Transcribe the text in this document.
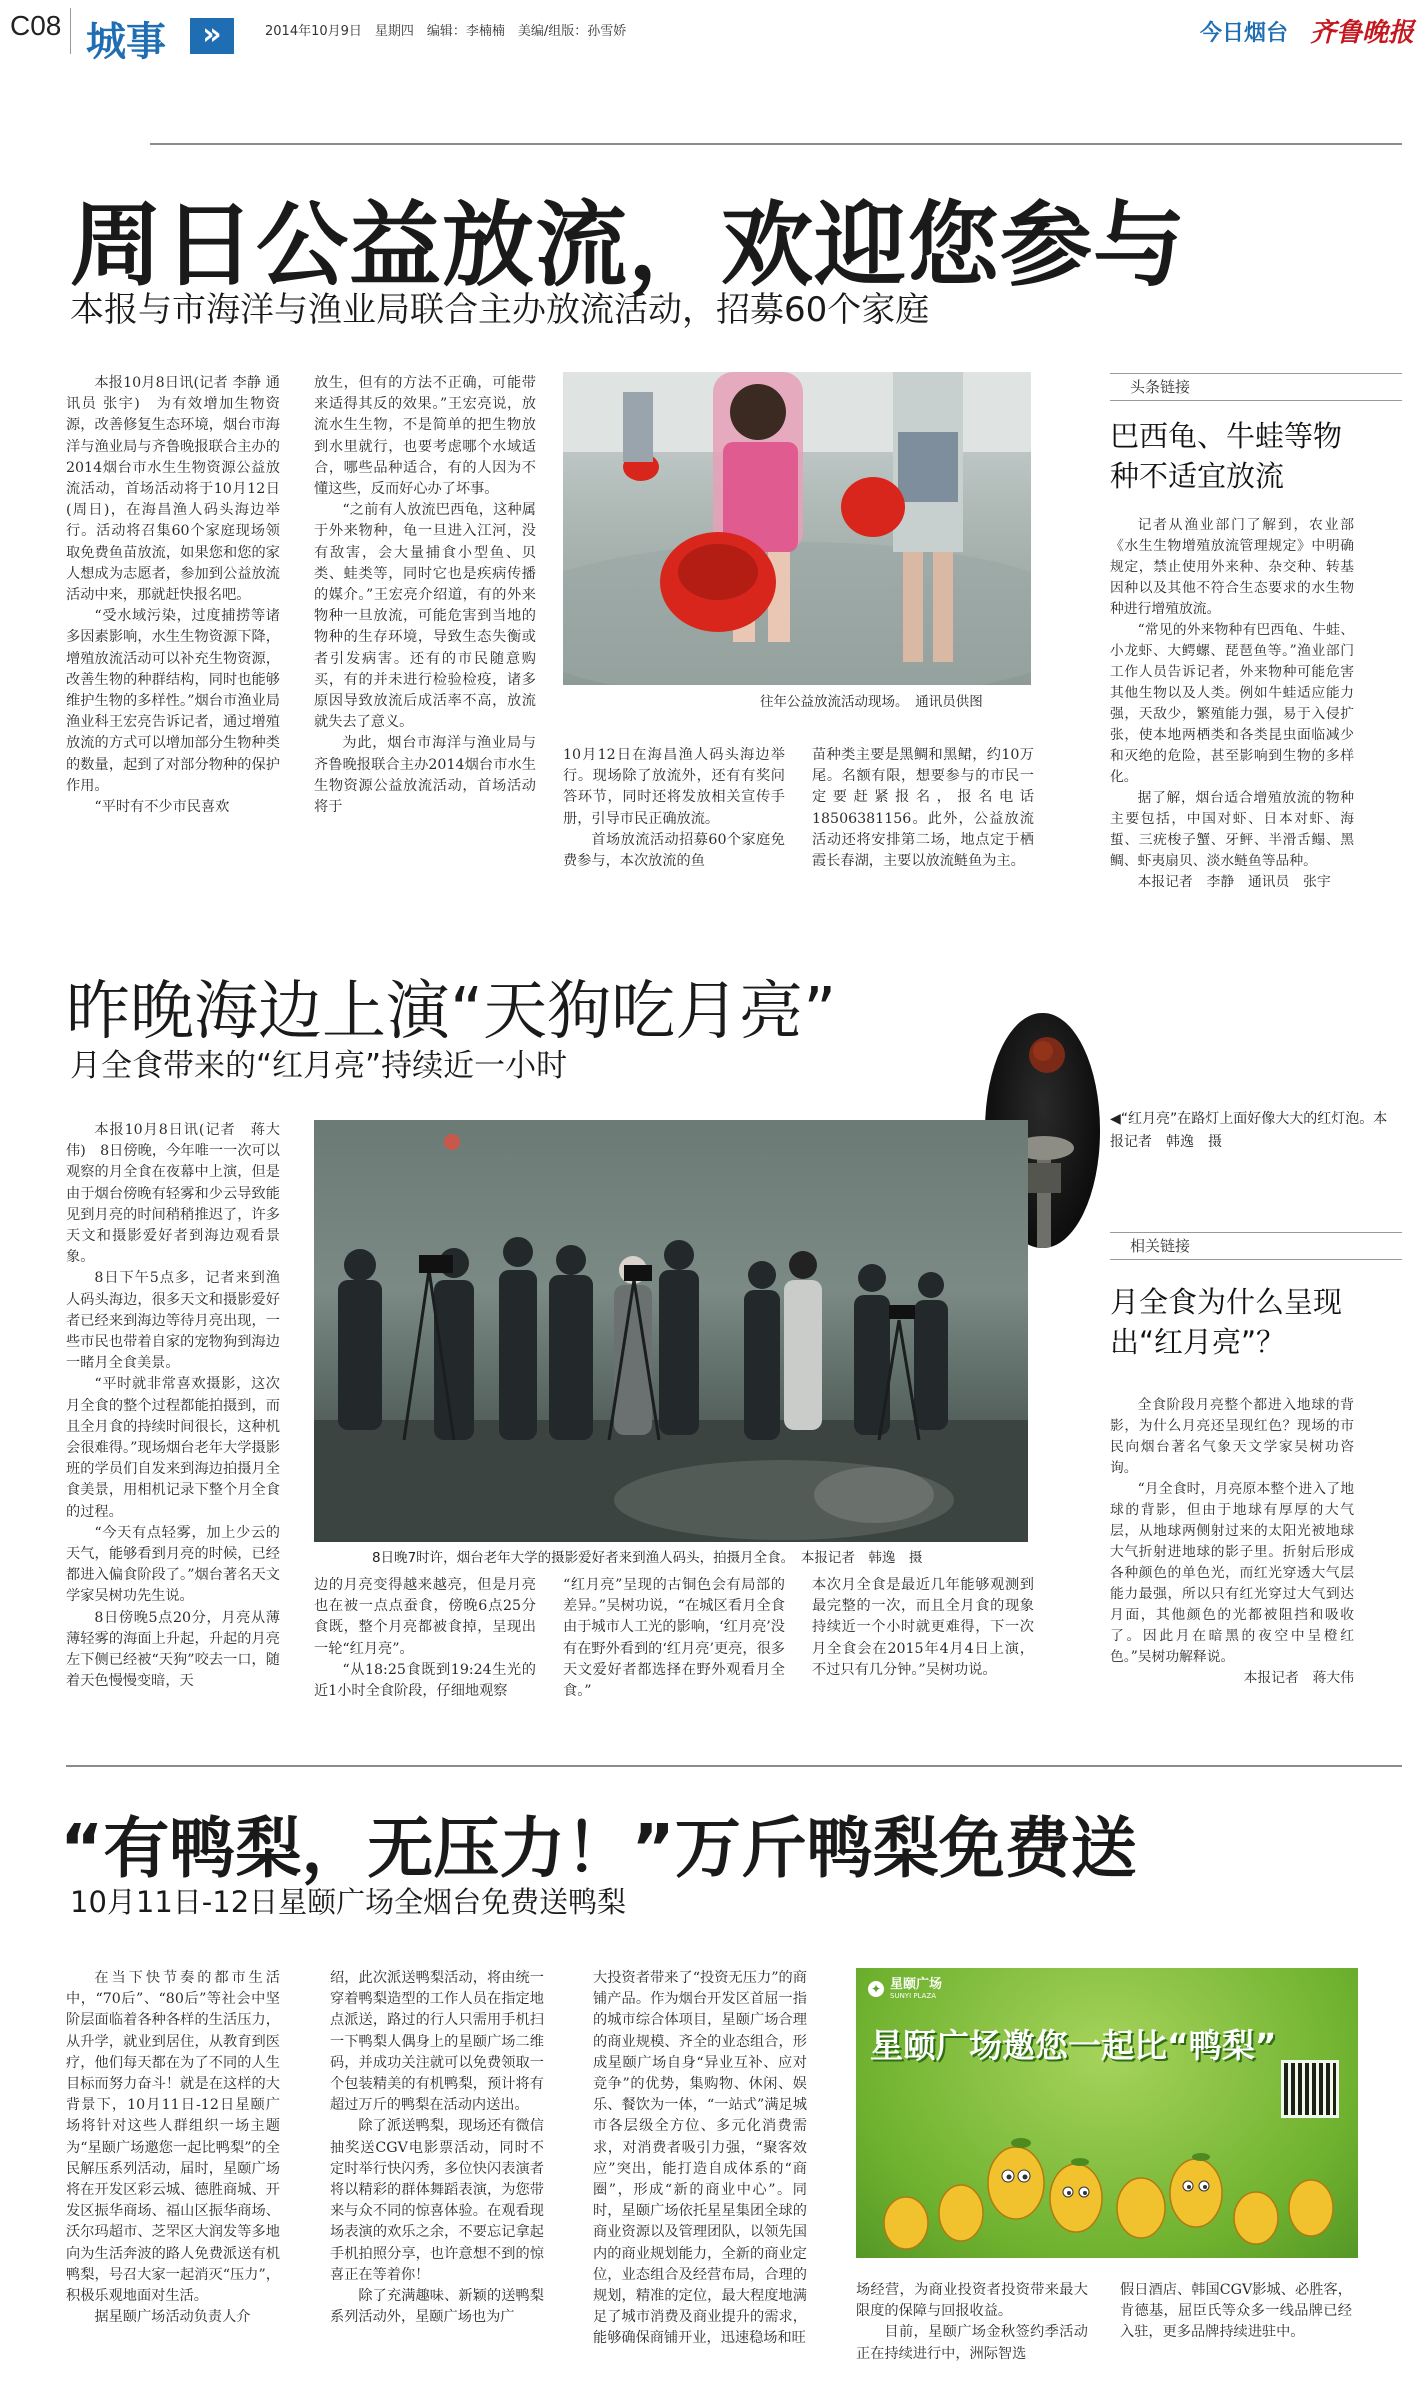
C08 城事	»	2014年10月9日　星期四　编辑：李楠楠　美编/组版：孙雪娇	今日烟台 齐鲁晚报
周日公益放流，欢迎您参与
本报与市海洋与渔业局联合主办放流活动，招募60个家庭

本报10月8日讯(记者 李静 通讯员 张宇)　为有效增加生物资源，改善修复生态环境，烟台市海洋与渔业局与齐鲁晚报联合主办的2014烟台市水生生物资源公益放流活动，首场活动将于10月12日(周日)，在海昌渔人码头海边举行。活动将召集60个家庭现场领取免费鱼苗放流，如果您和您的家人想成为志愿者，参加到公益放流活动中来，那就赶快报名吧。

“受水域污染，过度捕捞等诸多因素影响，水生生物资源下降，增殖放流活动可以补充生物资源，改善生物的种群结构，同时也能够维护生物的多样性。”烟台市渔业局渔业科王宏亮告诉记者，通过增殖放流的方式可以增加部分生物种类的数量，起到了对部分物种的保护作用。

“平时有不少市民喜欢

放生，但有的方法不正确，可能带来适得其反的效果。”王宏亮说，放流水生生物，不是简单的把生物放到水里就行，也要考虑哪个水域适合，哪些品种适合，有的人因为不懂这些，反而好心办了坏事。

“之前有人放流巴西龟，这种属于外来物种，龟一旦进入江河，没有敌害，会大量捕食小型鱼、贝类、蛙类等，同时它也是疾病传播的媒介。”王宏亮介绍道，有的外来物种一旦放流，可能危害到当地的物种的生存环境，导致生态失衡或者引发病害。还有的市民随意购买，有的并未进行检验检疫，诸多原因导致放流后成活率不高，放流就失去了意义。

为此，烟台市海洋与渔业局与齐鲁晚报联合主办2014烟台市水生生物资源公益放流活动，首场活动将于

往年公益放流活动现场。　通讯员供图

10月12日在海昌渔人码头海边举行。现场除了放流外，还有有奖问答环节，同时还将发放相关宣传手册，引导市民正确放流。

首场放流活动招募60个家庭免费参与，本次放流的鱼

苗种类主要是黑鲷和黑鲪，约10万尾。名额有限，想要参与的市民一定要赶紧报名，报名电话18506381156。此外，公益放流活动还将安排第二场，地点定于栖霞长春湖，主要以放流鲢鱼为主。

头条链接
巴西龟、牛蛙等物种不适宜放流

记者从渔业部门了解到，农业部《水生生物增殖放流管理规定》中明确规定，禁止使用外来种、杂交种、转基因种以及其他不符合生态要求的水生物种进行增殖放流。

“常见的外来物种有巴西龟、牛蛙、小龙虾、大鳄螺、琵琶鱼等。”渔业部门工作人员告诉记者，外来物种可能危害其他生物以及人类。例如牛蛙适应能力强，天敌少，繁殖能力强，易于入侵扩张，使本地两栖类和各类昆虫面临减少和灭绝的危险，甚至影响到生物的多样化。

据了解，烟台适合增殖放流的物种主要包括，中国对虾、日本对虾、海蜇、三疣梭子蟹、牙鲆、半滑舌鳎、黑鲷、虾夷扇贝、淡水鲢鱼等品种。

本报记者　李静　通讯员　张宇

昨晚海边上演“天狗吃月亮”
月全食带来的“红月亮”持续近一小时
◀“红月亮”在路灯上面好像大大的红灯泡。本报记者　韩逸　摄

本报10月8日讯(记者　蒋大伟)　8日傍晚，今年唯一一次可以观察的月全食在夜幕中上演，但是由于烟台傍晚有轻雾和少云导致能见到月亮的时间稍稍推迟了，许多天文和摄影爱好者到海边观看景象。

8日下午5点多，记者来到渔人码头海边，很多天文和摄影爱好者已经来到海边等待月亮出现，一些市民也带着自家的宠物狗到海边一睹月全食美景。

“平时就非常喜欢摄影，这次月全食的整个过程都能拍摄到，而且全月食的持续时间很长，这种机会很难得。”现场烟台老年大学摄影班的学员们自发来到海边拍摄月全食美景，用相机记录下整个月全食的过程。

“今天有点轻雾，加上少云的天气，能够看到月亮的时候，已经都进入偏食阶段了。”烟台著名天文学家吴树功先生说。

8日傍晚5点20分，月亮从薄薄轻雾的海面上升起，升起的月亮左下侧已经被“天狗”咬去一口，随着天色慢慢变暗，天

8日晚7时许，烟台老年大学的摄影爱好者来到渔人码头，拍摄月全食。　本报记者　韩逸　摄

边的月亮变得越来越亮，但是月亮也在被一点点蚕食，傍晚6点25分食既，整个月亮都被食掉，呈现出一轮“红月亮”。

“从18:25食既到19:24生光的近1小时全食阶段，仔细地观察

“红月亮”呈现的古铜色会有局部的差异。”吴树功说，“在城区看月全食由于城市人工光的影响，‘红月亮’没有在野外看到的‘红月亮’更亮，很多天文爱好者都选择在野外观看月全食。”

本次月全食是最近几年能够观测到最完整的一次，而且全月食的现象持续近一个小时就更难得，下一次月全食会在2015年4月4日上演，不过只有几分钟。”吴树功说。

相关链接
月全食为什么呈现出“红月亮”？

全食阶段月亮整个都进入地球的背影，为什么月亮还呈现红色？现场的市民向烟台著名气象天文学家吴树功咨询。

“月全食时，月亮原本整个进入了地球的背影，但由于地球有厚厚的大气层，从地球两侧射过来的太阳光被地球大气折射进地球的影子里。折射后形成各种颜色的单色光，而红光穿透大气层能力最强，所以只有红光穿过大气到达月面，其他颜色的光都被阻挡和吸收了。因此月在暗黑的夜空中呈橙红色。”吴树功解释说。

本报记者　蒋大伟

“有鸭梨，无压力！”万斤鸭梨免费送
10月11日-12日星颐广场全烟台免费送鸭梨

在当下快节奏的都市生活中，“70后”、“80后”等社会中坚阶层面临着各种各样的生活压力，从升学，就业到居住，从教育到医疗，他们每天都在为了不同的人生目标而努力奋斗！就是在这样的大背景下，10月11日-12日星颐广场将针对这些人群组织一场主题为“星颐广场邀您一起比鸭梨”的全民解压系列活动，届时，星颐广场将在开发区彩云城、德胜商城、开发区振华商场、福山区振华商场、沃尔玛超市、芝罘区大润发等多地向为生活奔波的路人免费派送有机鸭梨，号召大家一起消灭“压力”，积极乐观地面对生活。

据星颐广场活动负责人介

绍，此次派送鸭梨活动，将由统一穿着鸭梨造型的工作人员在指定地点派送，路过的行人只需用手机扫一下鸭梨人偶身上的星颐广场二维码，并成功关注就可以免费领取一个包装精美的有机鸭梨，预计将有超过万斤的鸭梨在活动内送出。

除了派送鸭梨，现场还有微信抽奖送CGV电影票活动，同时不定时举行快闪秀，多位快闪表演者将以精彩的群体舞蹈表演，为您带来与众不同的惊喜体验。在观看现场表演的欢乐之余，不要忘记拿起手机拍照分享，也许意想不到的惊喜正在等着你！

除了充满趣味、新颖的送鸭梨系列活动外，星颐广场也为广

大投资者带来了“投资无压力”的商铺产品。作为烟台开发区首屈一指的城市综合体项目，星颐广场合理的商业规模、齐全的业态组合，形成星颐广场自身“异业互补、应对竞争”的优势，集购物、休闲、娱乐、餐饮为一体，“一站式”满足城市各层级全方位、多元化消费需求，对消费者吸引力强，“聚客效应”突出，能打造自成体系的“商圈”，形成“新的商业中心”。同时，星颐广场依托星星集团全球的商业资源以及管理团队，以领先国内的商业规划能力，全新的商业定位，业态组合及经营布局，合理的规划，精准的定位，最大程度地满足了城市消费及商业提升的需求，能够确保商铺开业，迅速稳场和旺

✦ 星颐广场
SUNYI PLAZA
星颐广场邀您一起比“鸭梨”

场经营，为商业投资者投资带来最大限度的保障与回报收益。

目前，星颐广场金秋签约季活动正在持续进行中，洲际智选

假日酒店、韩国CGV影城、必胜客，肯德基，屈臣氏等众多一线品牌已经入驻，更多品牌持续进驻中。
